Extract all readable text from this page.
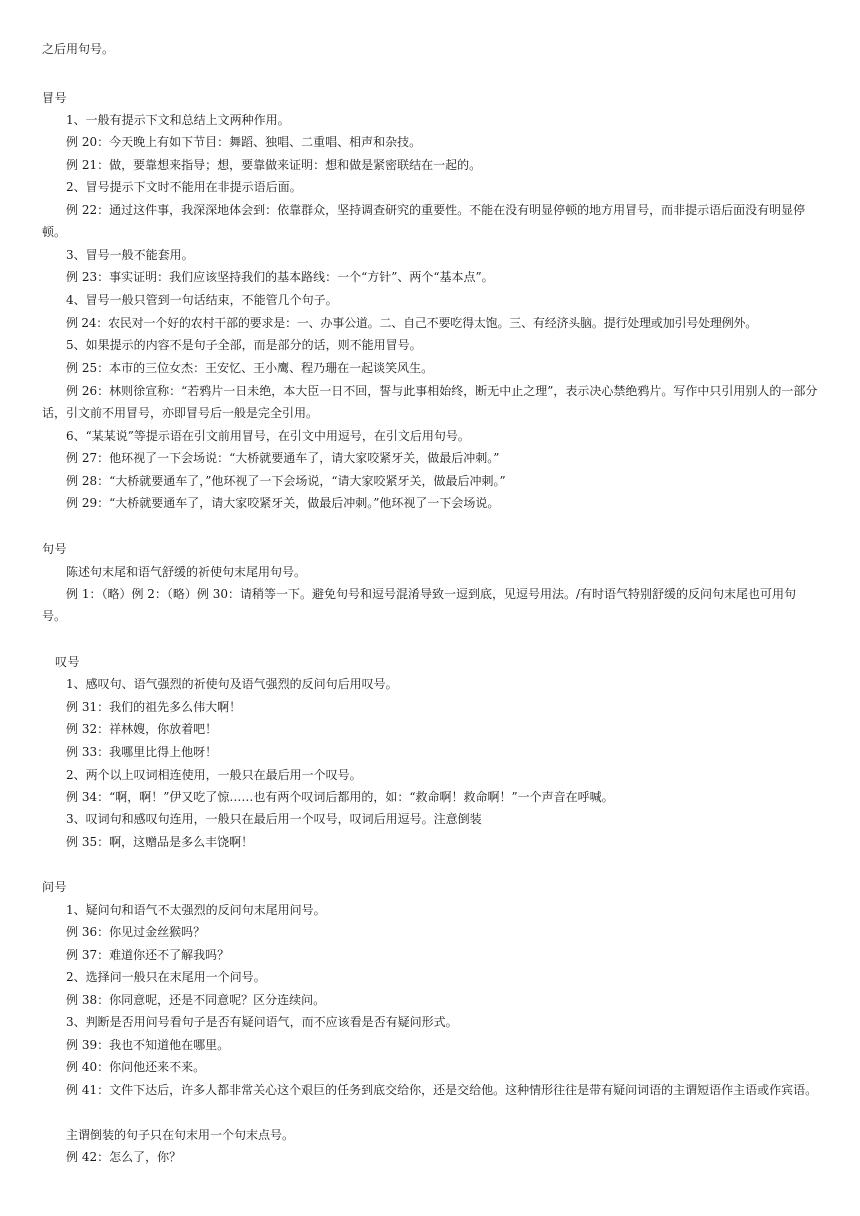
之后用句号。

冒号

1、一般有提示下文和总结上文两种作用。

例 20：今天晚上有如下节目：舞蹈、独唱、二重唱、相声和杂技。

例 21：做，要靠想来指导；想，要靠做来证明：想和做是紧密联结在一起的。

2、冒号提示下文时不能用在非提示语后面。

例 22：通过这件事，我深深地体会到：依靠群众，坚持调查研究的重要性。不能在没有明显停顿的地方用冒号，而非提示语后面没有明显停顿。

3、冒号一般不能套用。

例 23：事实证明：我们应该坚持我们的基本路线：一个“方针”、两个“基本点”。

4、冒号一般只管到一句话结束，不能管几个句子。

例 24：农民对一个好的农村干部的要求是：一、办事公道。二、自己不要吃得太饱。三、有经济头脑。提行处理或加引号处理例外。

5、如果提示的内容不是句子全部，而是部分的话，则不能用冒号。

例 25：本市的三位女杰：王安忆、王小鹰、程乃珊在一起谈笑风生。

例 26：林则徐宣称：“若鸦片一日未绝，本大臣一日不回，誓与此事相始终，断无中止之理”，表示决心禁绝鸦片。写作中只引用别人的一部分话，引文前不用冒号，亦即冒号后一般是完全引用。

6、“某某说”等提示语在引文前用冒号，在引文中用逗号，在引文后用句号。

例 27：他环视了一下会场说：“大桥就要通车了，请大家咬紧牙关，做最后冲刺。”

例 28：“大桥就要通车了，”他环视了一下会场说，“请大家咬紧牙关，做最后冲刺。”

例 29：“大桥就要通车了，请大家咬紧牙关，做最后冲刺。”他环视了一下会场说。

句号

陈述句末尾和语气舒缓的祈使句末尾用句号。

例 1：（略）例 2：（略）例 30：请稍等一下。避免句号和逗号混淆导致一逗到底，见逗号用法。/有时语气特别舒缓的反问句末尾也可用句号。

叹号

1、感叹句、语气强烈的祈使句及语气强烈的反问句后用叹号。

例 31：我们的祖先多么伟大啊！

例 32：祥林嫂，你放着吧！

例 33：我哪里比得上他呀！

2、两个以上叹词相连使用，一般只在最后用一个叹号。

例 34：“啊，啊！”伊又吃了惊……也有两个叹词后都用的，如：“救命啊！救命啊！”一个声音在呼喊。

3、叹词句和感叹句连用，一般只在最后用一个叹号，叹词后用逗号。注意倒装

例 35：啊，这赠品是多么丰饶啊！

问号

1、疑问句和语气不太强烈的反问句末尾用问号。

例 36：你见过金丝猴吗？

例 37：难道你还不了解我吗？

2、选择问一般只在末尾用一个问号。

例 38：你同意呢，还是不同意呢？区分连续问。

3、判断是否用问号看句子是否有疑问语气，而不应该看是否有疑问形式。

例 39：我也不知道他在哪里。

例 40：你问他还来不来。

例 41：文件下达后，许多人都非常关心这个艰巨的任务到底交给你，还是交给他。这种情形往往是带有疑问词语的主谓短语作主语或作宾语。

主谓倒装的句子只在句末用一个句末点号。

例 42：怎么了，你？
